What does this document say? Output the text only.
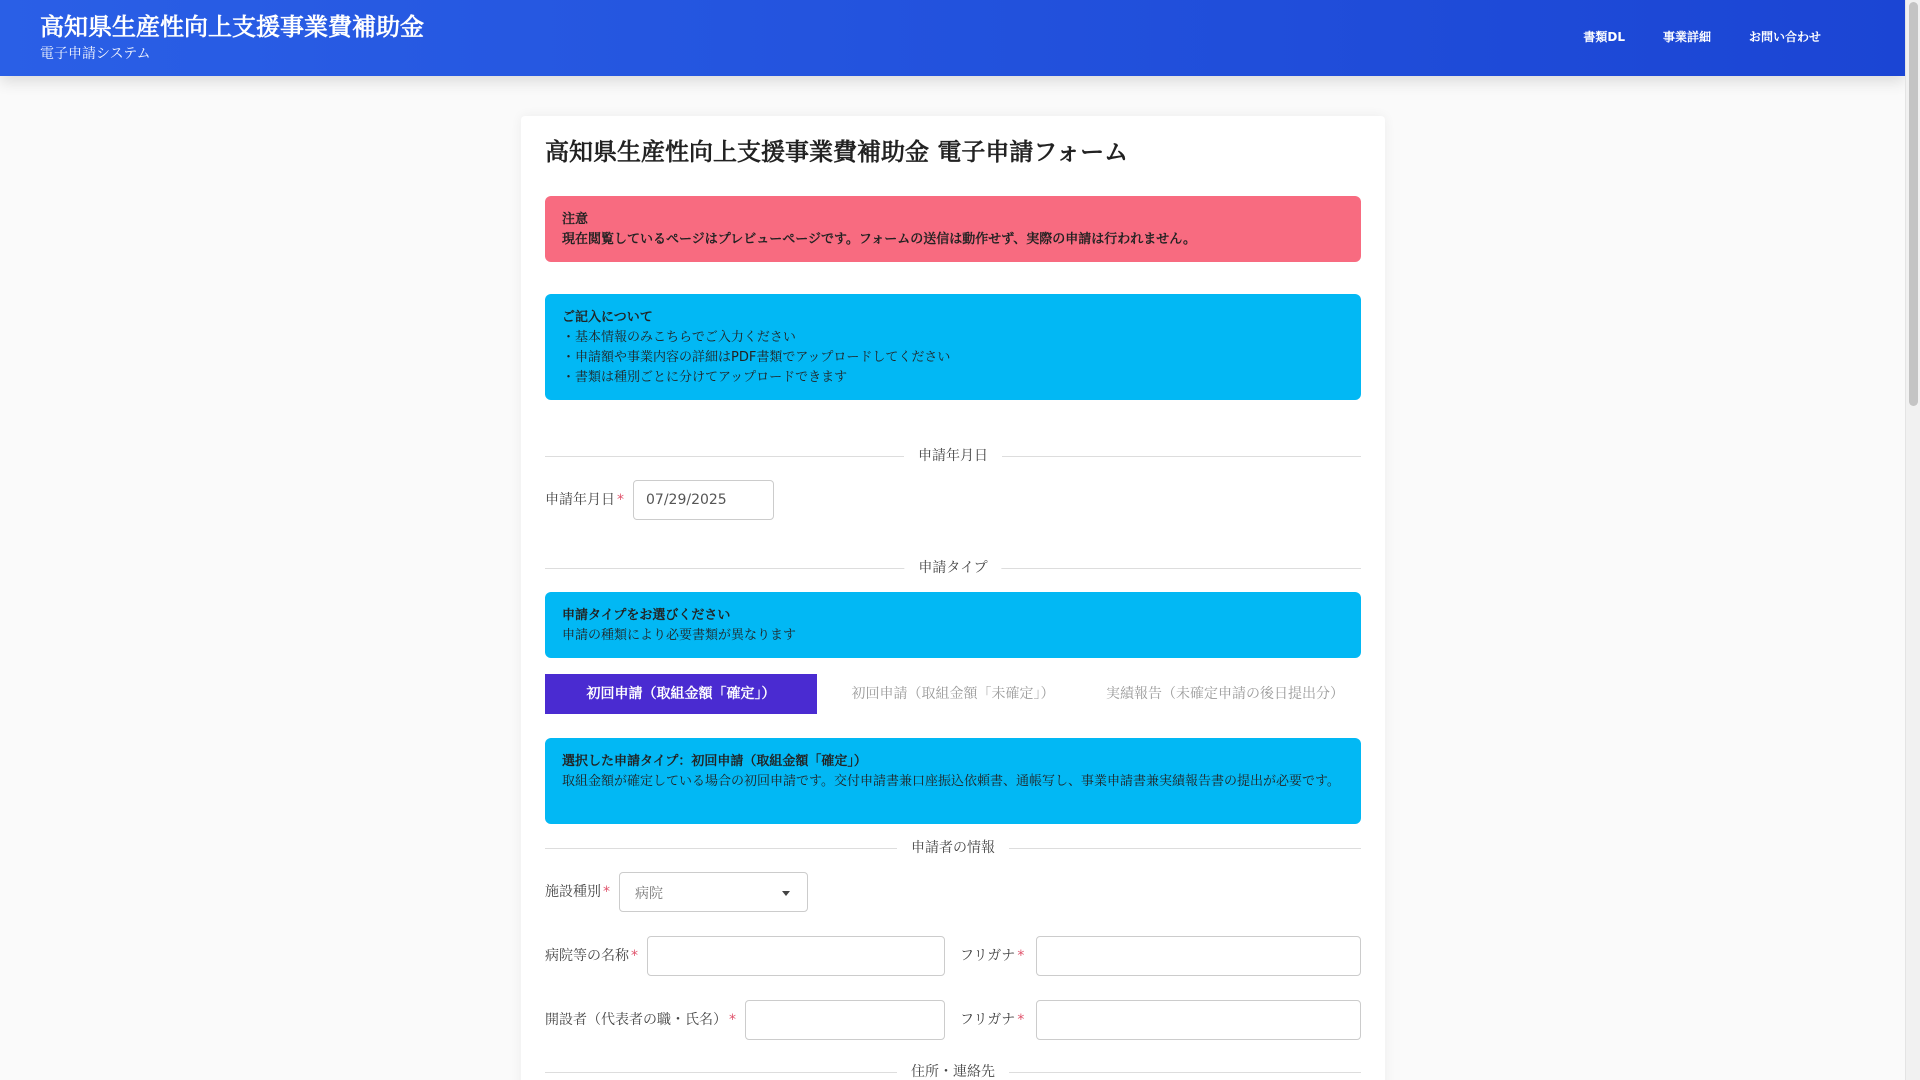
高知県生産性向上支援事業費補助金
電子申請システム
書類DL	事業詳細	お問い合わせ
高知県生産性向上支援事業費補助金 電子申請フォーム
注意
現在閲覧しているページはプレビューページです。フォームの送信は動作せず、実際の申請は行われません。
ご記入について
・基本情報のみこちらでご入力ください
・申請額や事業内容の詳細はPDF書類でアップロードしてください
・書類は種別ごとに分けてアップロードできます
申請年月日
申請年月日 *
07/29/2025
申請タイプ
申請タイプをお選びください
申請の種類により必要書類が異なります
初回申請（取組金額「確定」）	初回申請（取組金額「未確定」）	実績報告（未確定申請の後日提出分）
選択した申請タイプ：初回申請（取組金額「確定」）
取組金額が確定している場合の初回申請です。交付申請書兼口座振込依頼書、通帳写し、事業申請書兼実績報告書の提出が必要です。
申請者の情報
施設種別 * 病院
病院等の名称 *	フリガナ *
開設者（代表者の職・氏名） *	フリガナ *
住所・連絡先
